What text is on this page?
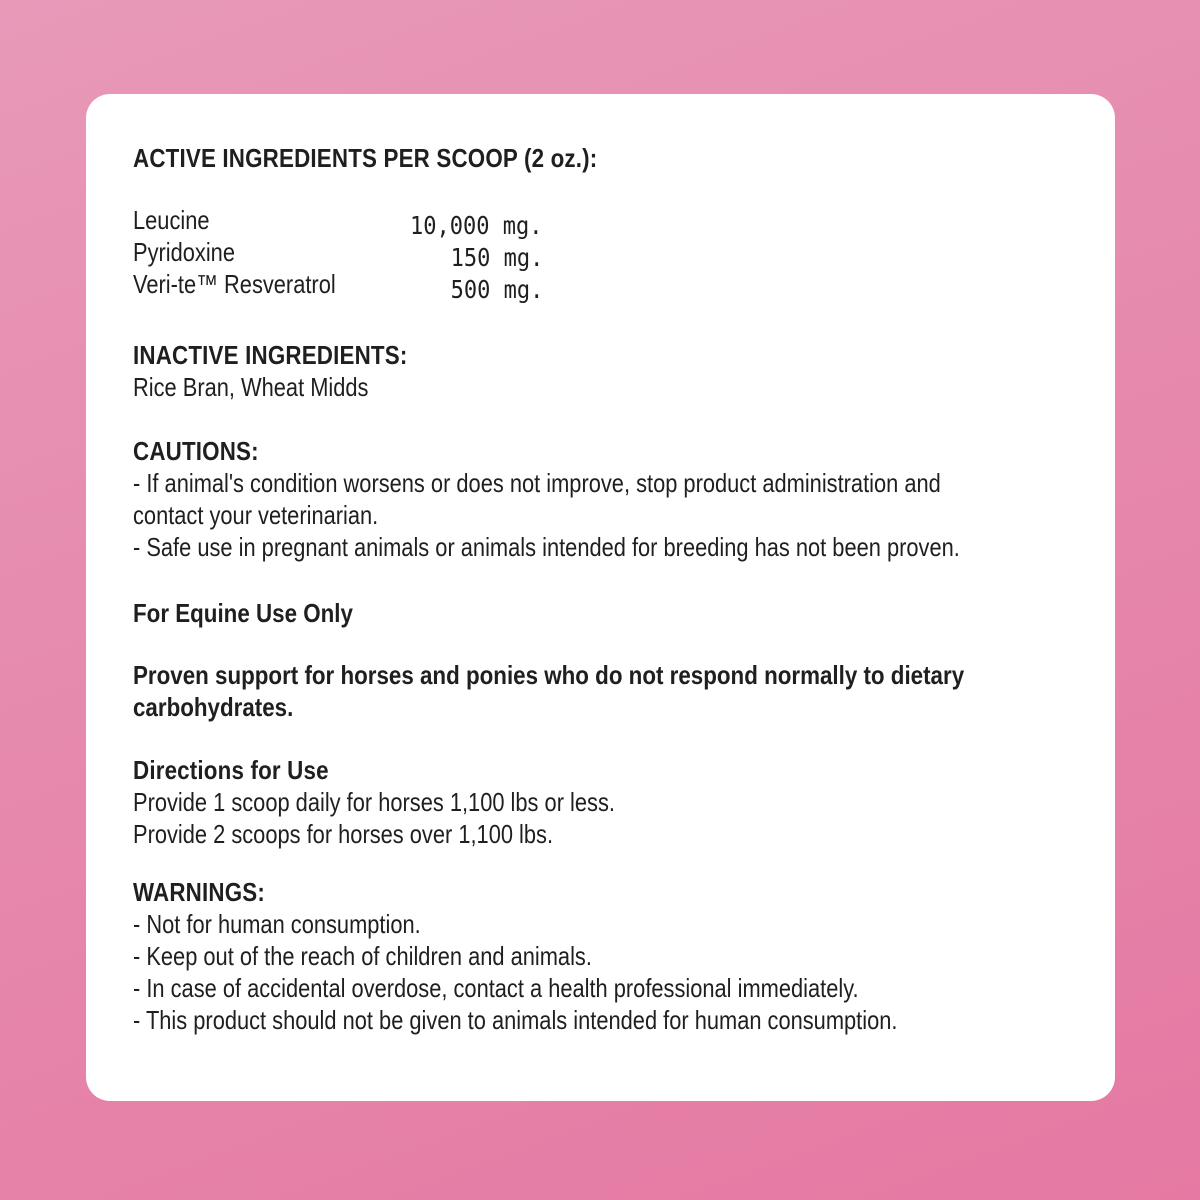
ACTIVE INGREDIENTS PER SCOOP (2 oz.):
Leucine	10,000 mg.
Pyridoxine	150 mg.
Veri-te™ Resveratrol	500 mg.
INACTIVE INGREDIENTS:
Rice Bran, Wheat Midds
CAUTIONS:
- If animal's condition worsens or does not improve, stop product administration and
contact your veterinarian.
- Safe use in pregnant animals or animals intended for breeding has not been proven.
For Equine Use Only
Proven support for horses and ponies who do not respond normally to dietary
carbohydrates.
Directions for Use
Provide 1 scoop daily for horses 1,100 lbs or less.
Provide 2 scoops for horses over 1,100 lbs.
WARNINGS:
- Not for human consumption.
- Keep out of the reach of children and animals.
- In case of accidental overdose, contact a health professional immediately.
- This product should not be given to animals intended for human consumption.
